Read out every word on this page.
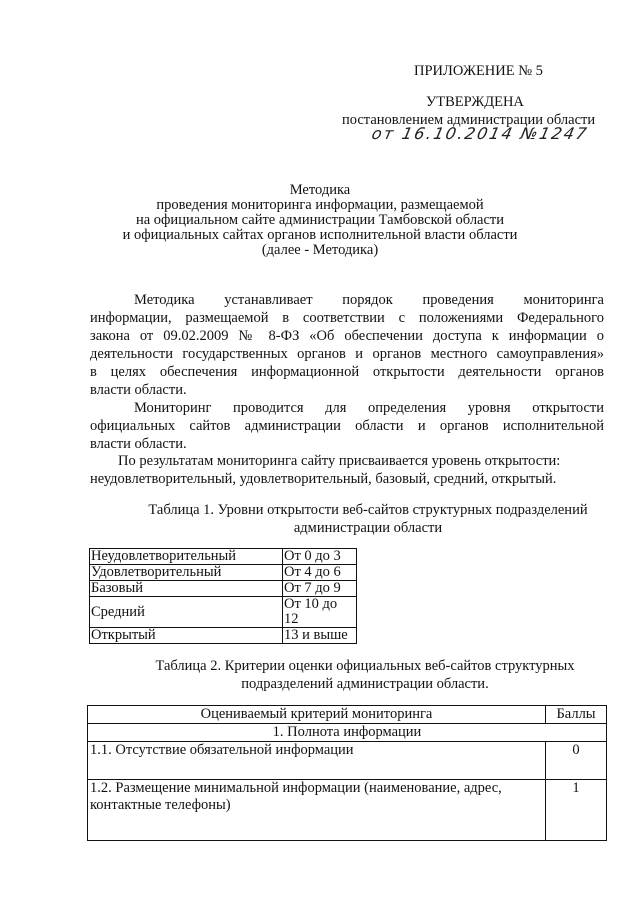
ПРИЛОЖЕНИЕ № 5
УТВЕРЖДЕНА
постановлением администрации области
от 16.10.2014 №1247
Методика
проведения мониторинга информации, размещаемой
на официальном сайте администрации Тамбовской области
и официальных сайтах органов исполнительной власти области
(далее - Методика)
Методика устанавливает порядок проведения мониторинга
информации, размещаемой в соответствии с положениями Федерального
закона от 09.02.2009 № 8-ФЗ «Об обеспечении доступа к информации о
деятельности государственных органов и органов местного самоуправления»
в целях обеспечения информационной открытости деятельности органов
власти области.
Мониторинг проводится для определения уровня открытости
официальных сайтов администрации области и органов исполнительной
власти области.
По результатам мониторинга сайту присваивается уровень открытости:
неудовлетворительный, удовлетворительный, базовый, средний, открытый.
Таблица 1. Уровни открытости веб-сайтов структурных подразделений
администрации области
Неудовлетворительный	От 0 до 3
Удовлетворительный	От 4 до 6
Базовый	От 7 до 9
Средний	От 10 до 12
Открытый	13 и выше
Таблица 2. Критерии оценки официальных веб-сайтов структурных
подразделений администрации области.
Оцениваемый критерий мониторинга	Баллы
1. Полнота информации	
1.1. Отсутствие обязательной информации	0
1.2. Размещение минимальной информации (наименование, адрес, контактные телефоны)	1
